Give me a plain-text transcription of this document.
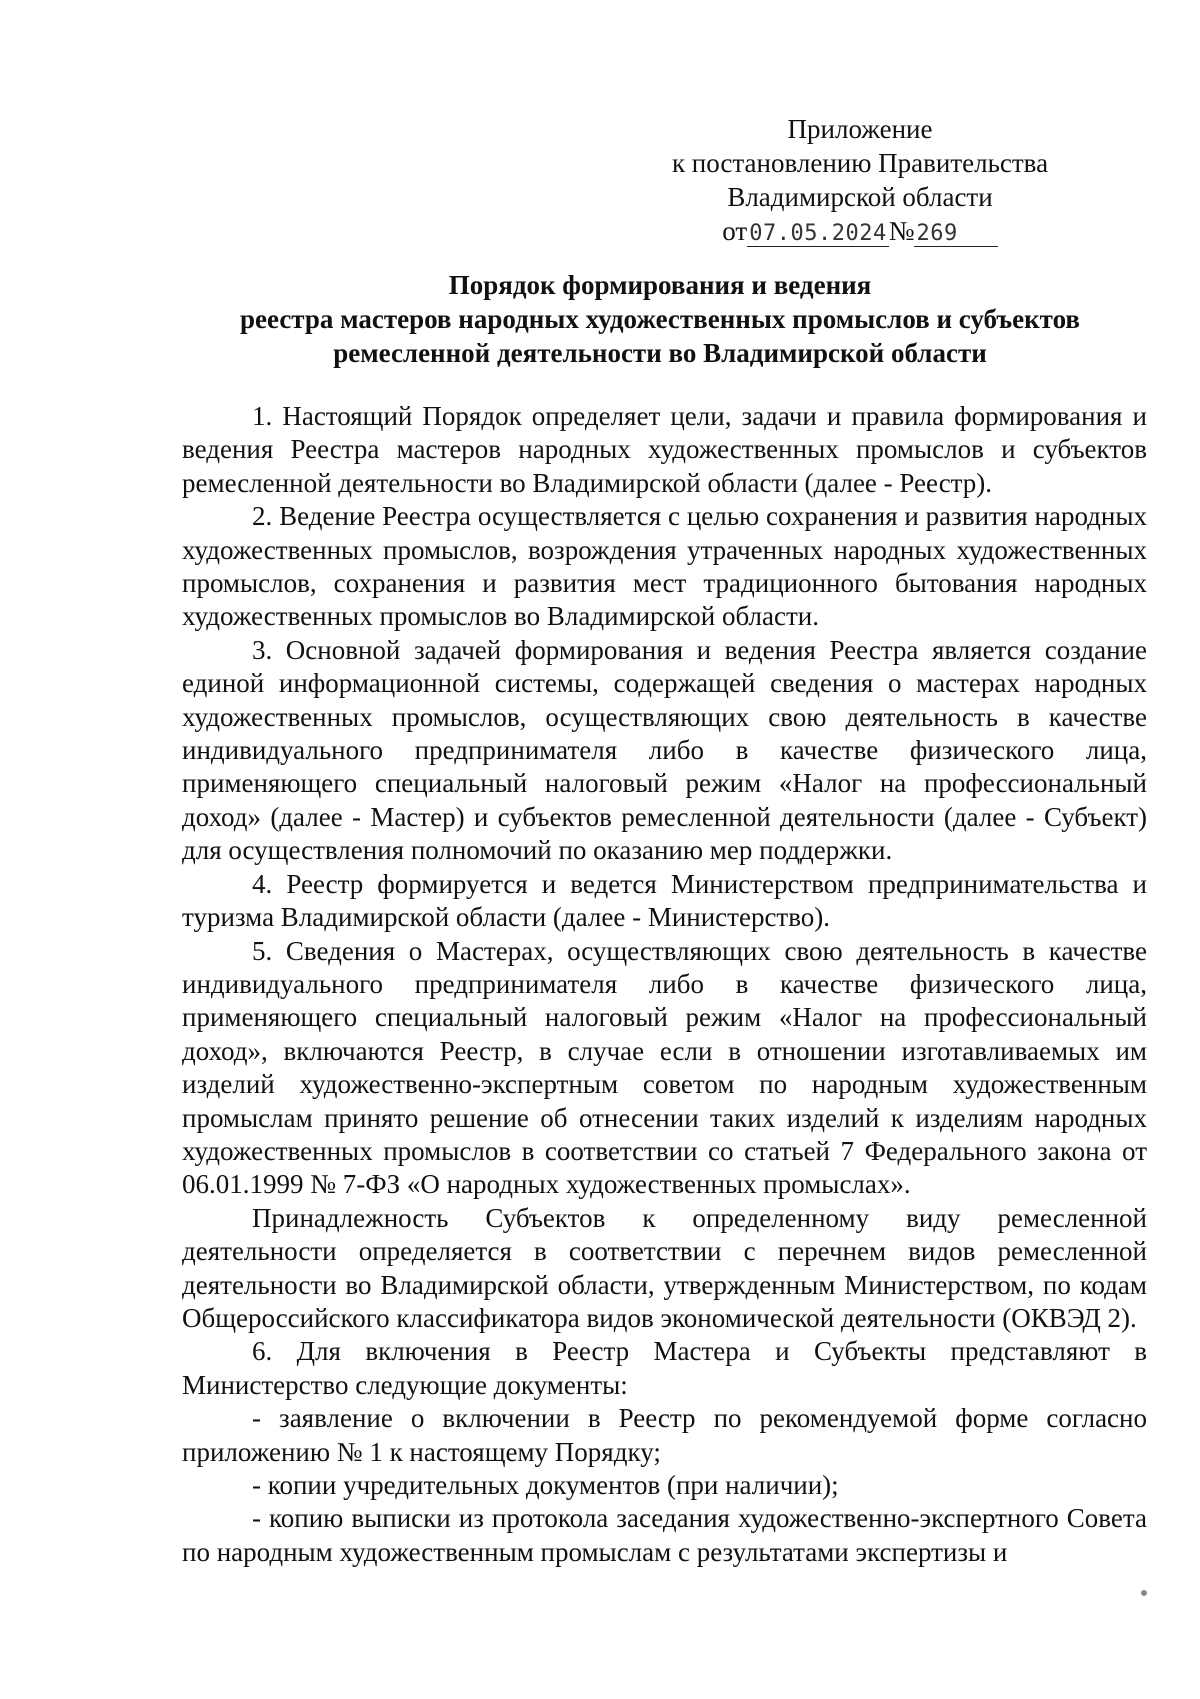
Приложение
к постановлению Правительства
Владимирской области
от07.05.2024№269
Порядок формирования и ведения
реестра мастеров народных художественных промыслов и субъектов
ремесленной деятельности во Владимирской области

1. Настоящий Порядок определяет цели, задачи и правила формирования и ведения Реестра мастеров народных художественных промыслов и субъектов ремесленной деятельности во Владимирской области (далее - Реестр).

2. Ведение Реестра осуществляется с целью сохранения и развития народных художественных промыслов, возрождения утраченных народных художественных промыслов, сохранения и развития мест традиционного бытования народных художественных промыслов во Владимирской области.

3. Основной задачей формирования и ведения Реестра является создание единой информационной системы, содержащей сведения о мастерах народных художественных промыслов, осуществляющих свою деятельность в качестве индивидуального предпринимателя либо в качестве физического лица, применяющего специальный налоговый режим «Налог на профессиональный доход» (далее - Мастер) и субъектов ремесленной деятельности (далее - Субъект) для осуществления полномочий по оказанию мер поддержки.

4. Реестр формируется и ведется Министерством предпринимательства и туризма Владимирской области (далее - Министерство).

5. Сведения о Мастерах, осуществляющих свою деятельность в качестве индивидуального предпринимателя либо в качестве физического лица, применяющего специальный налоговый режим «Налог на профессиональный доход», включаются Реестр, в случае если в отношении изготавливаемых им изделий художественно-экспертным советом по народным художественным промыслам принято решение об отнесении таких изделий к изделиям народных художественных промыслов в соответствии со статьей 7 Федерального закона от 06.01.1999 № 7-ФЗ «О народных художественных промыслах».

Принадлежность Субъектов к определенному виду ремесленной деятельности определяется в соответствии с перечнем видов ремесленной деятельности во Владимирской области, утвержденным Министерством, по кодам Общероссийского классификатора видов экономической деятельности (ОКВЭД 2).

6. Для включения в Реестр Мастера и Субъекты представляют в Министерство следующие документы:

- заявление о включении в Реестр по рекомендуемой форме согласно приложению № 1 к настоящему Порядку;

- копии учредительных документов (при наличии);

- копию выписки из протокола заседания художественно-экспертного Совета по народным художественным промыслам с результатами экспертизы и
